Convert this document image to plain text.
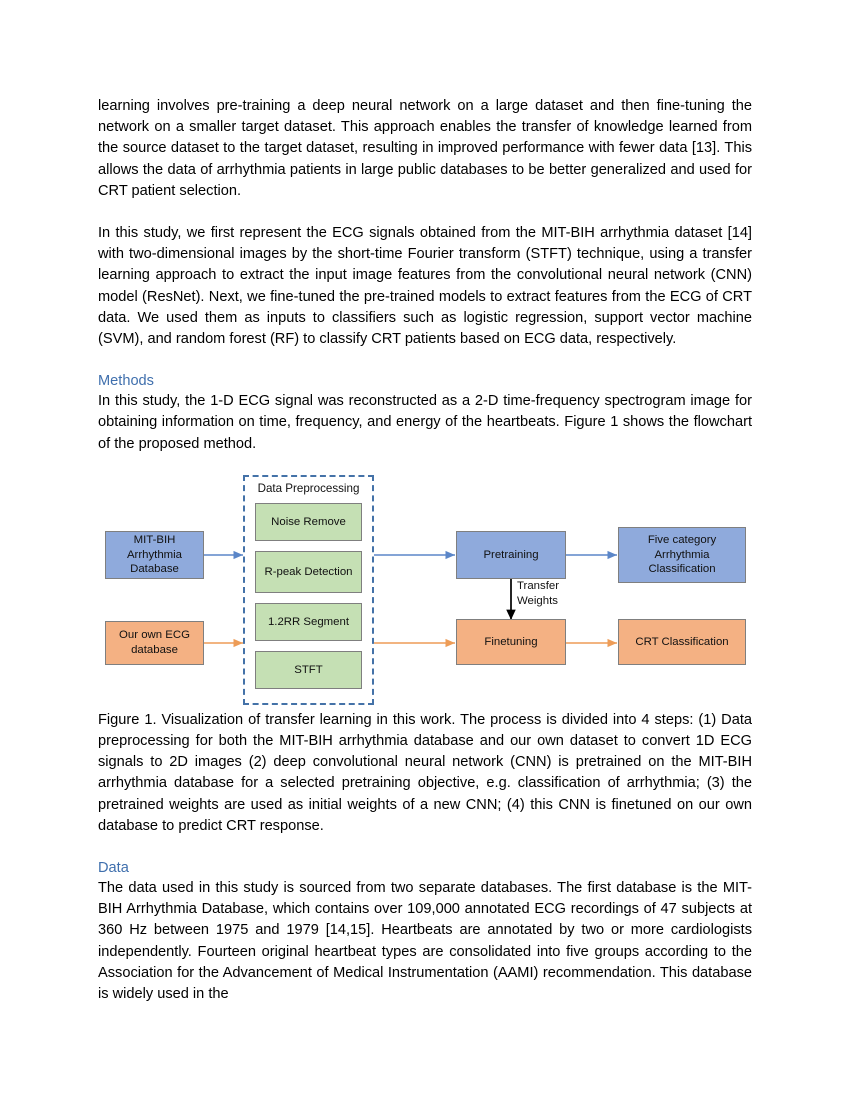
learning involves pre-training a deep neural network on a large dataset and then fine-tuning the network on a smaller target dataset. This approach enables the transfer of knowledge learned from the source dataset to the target dataset, resulting in improved performance with fewer data [13]. This allows the data of arrhythmia patients in large public databases to be better generalized and used for CRT patient selection.

In this study, we first represent the ECG signals obtained from the MIT-BIH arrhythmia dataset [14] with two-dimensional images by the short-time Fourier transform (STFT) technique, using a transfer learning approach to extract the input image features from the convolutional neural network (CNN) model (ResNet). Next, we fine-tuned the pre-trained models to extract features from the ECG of CRT data. We used them as inputs to classifiers such as logistic regression, support vector machine (SVM), and random forest (RF) to classify CRT patients based on ECG data, respectively.

Methods

In this study, the 1-D ECG signal was reconstructed as a 2-D time-frequency spectrogram image for obtaining information on time, frequency, and energy of the heartbeats. Figure 1 shows the flowchart of the proposed method.

Data Preprocessing
MIT-BIH Arrhythmia Database
Our own ECG database
Noise Remove
R-peak Detection
1.2RR Segment
STFT
Pretraining
Finetuning
Five category Arrhythmia Classification
CRT Classification
Transfer
Weights

Figure 1. Visualization of transfer learning in this work. The process is divided into 4 steps: (1) Data preprocessing for both the MIT-BIH arrhythmia database and our own dataset to convert 1D ECG signals to 2D images (2) deep convolutional neural network (CNN) is pretrained on the MIT-BIH arrhythmia database for a selected pretraining objective, e.g. classification of arrhythmia; (3) the pretrained weights are used as initial weights of a new CNN; (4) this CNN is finetuned on our own database to predict CRT response.

Data

The data used in this study is sourced from two separate databases. The first database is the MIT-BIH Arrhythmia Database, which contains over 109,000 annotated ECG recordings of 47 subjects at 360 Hz between 1975 and 1979 [14,15]. Heartbeats are annotated by two or more cardiologists independently. Fourteen original heartbeat types are consolidated into five groups according to the Association for the Advancement of Medical Instrumentation (AAMI) recommendation. This database is widely used in the
